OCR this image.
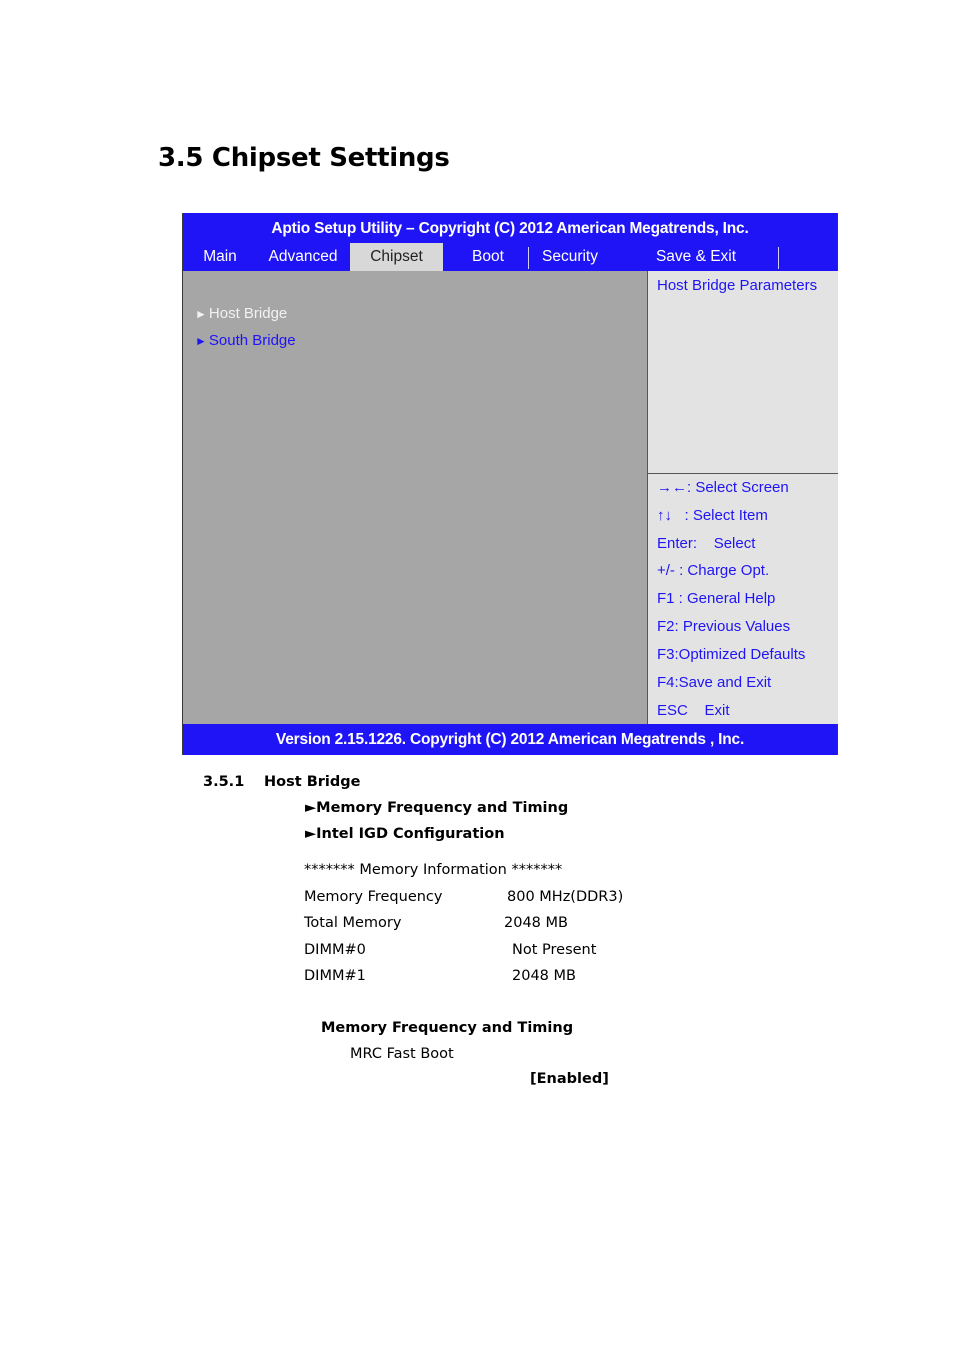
3.5 Chipset Settings
Aptio Setup Utility – Copyright (C) 2012 American Megatrends, Inc.
Main	Advanced	Chipset	Boot	Security	Save & Exit
► Host Bridge
► South Bridge
Host Bridge Parameters
→←: Select Screen
↑↓   : Select Item
Enter:    Select
+/- : Charge Opt.
F1 : General Help
F2: Previous Values
F3:Optimized Defaults
F4:Save and Exit
ESC    Exit
Version 2.15.1226. Copyright (C) 2012 American Megatrends , Inc.
3.5.1 Host Bridge
►Memory Frequency and Timing
►Intel IGD Configuration
******* Memory Information *******
Memory Frequency	800 MHz(DDR3)
Total Memory	2048 MB
DIMM#0	Not Present
DIMM#1	2048 MB
Memory Frequency and Timing
MRC Fast Boot
[Enabled]
